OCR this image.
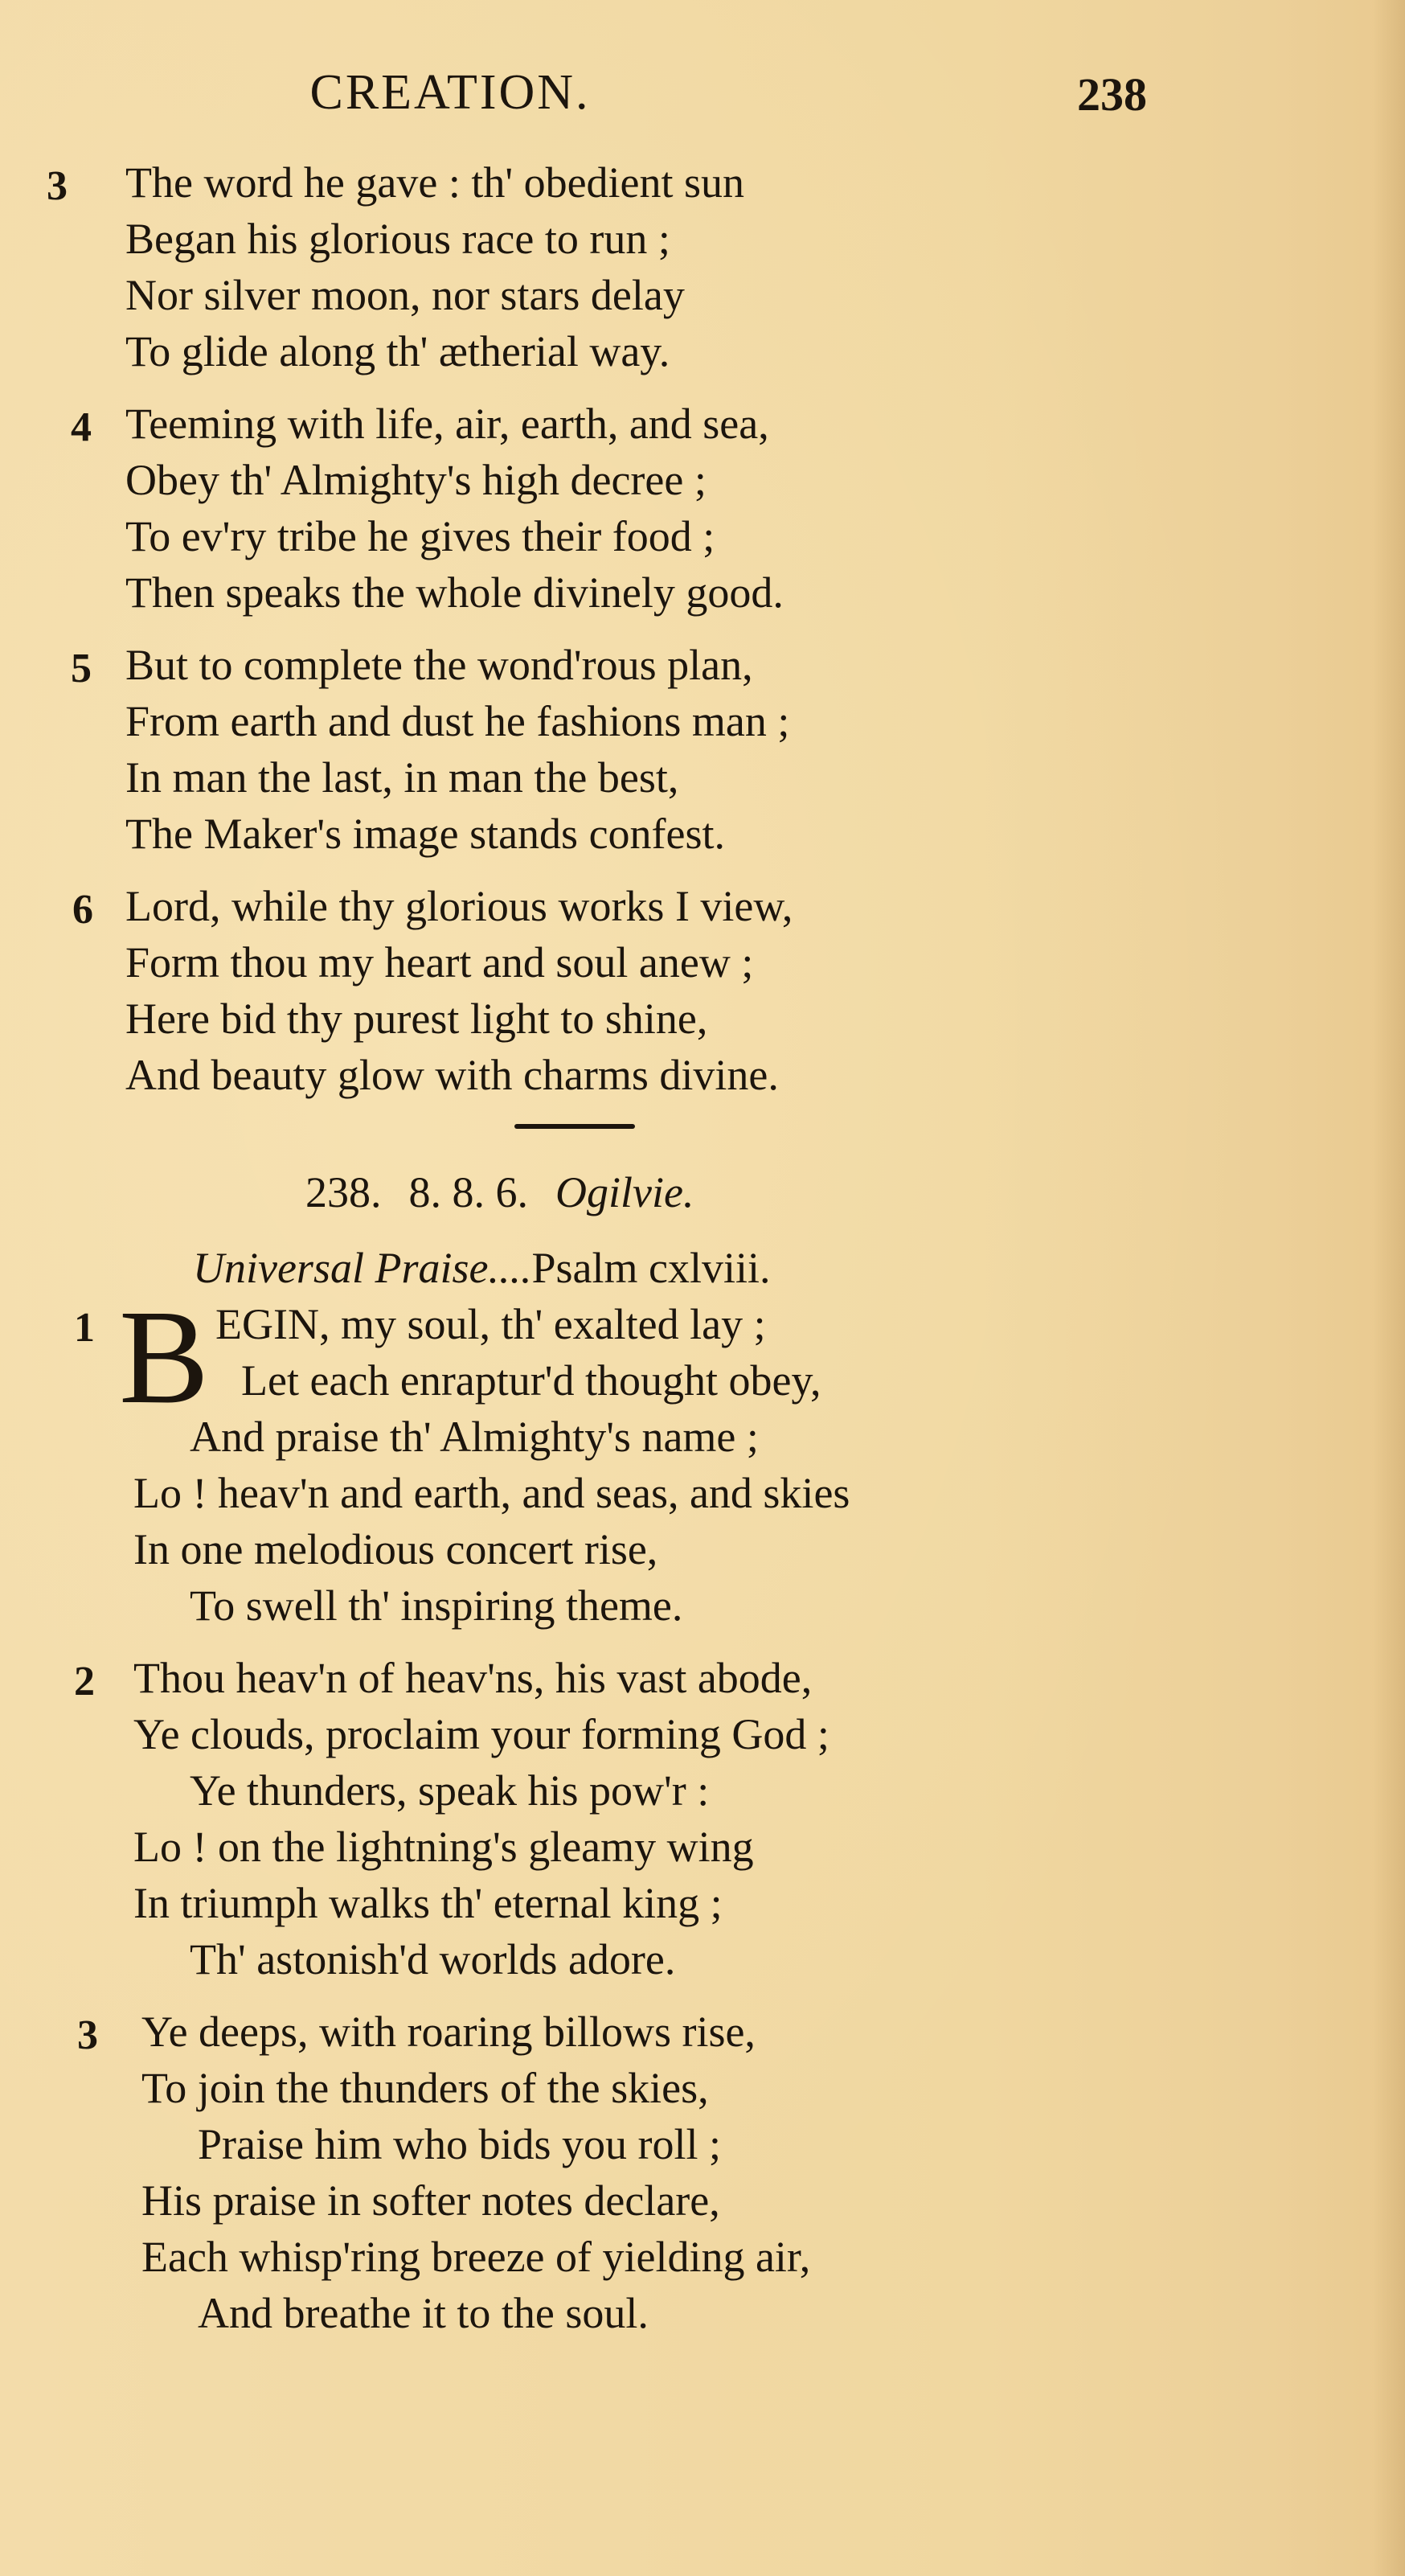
CREATION.	238
3 The word he gave : th' obedient sun
Began his glorious race to run ;
Nor silver moon, nor stars delay
To glide along th' ætherial way.
4 Teeming with life, air, earth, and sea,
Obey th' Almighty's high decree ;
To ev'ry tribe he gives their food ;
Then speaks the whole divinely good.
5 But to complete the wond'rous plan,
From earth and dust he fashions man ;
In man the last, in man the best,
The Maker's image stands confest.
6 Lord, while thy glorious works I view,
Form thou my heart and soul anew ;
Here bid thy purest light to shine,
And beauty glow with charms divine.
238. 8. 8. 6. Ogilvie.
Universal Praise....Psalm cxlviii.
1 B EGIN, my soul, th' exalted lay ;
Let each enraptur'd thought obey,
And praise th' Almighty's name ;
Lo ! heav'n and earth, and seas, and skies
In one melodious concert rise,
To swell th' inspiring theme.
2 Thou heav'n of heav'ns, his vast abode,
Ye clouds, proclaim your forming God ;
Ye thunders, speak his pow'r :
Lo ! on the lightning's gleamy wing
In triumph walks th' eternal king ;
Th' astonish'd worlds adore.
3 Ye deeps, with roaring billows rise,
To join the thunders of the skies,
Praise him who bids you roll ;
His praise in softer notes declare,
Each whisp'ring breeze of yielding air,
And breathe it to the soul.
